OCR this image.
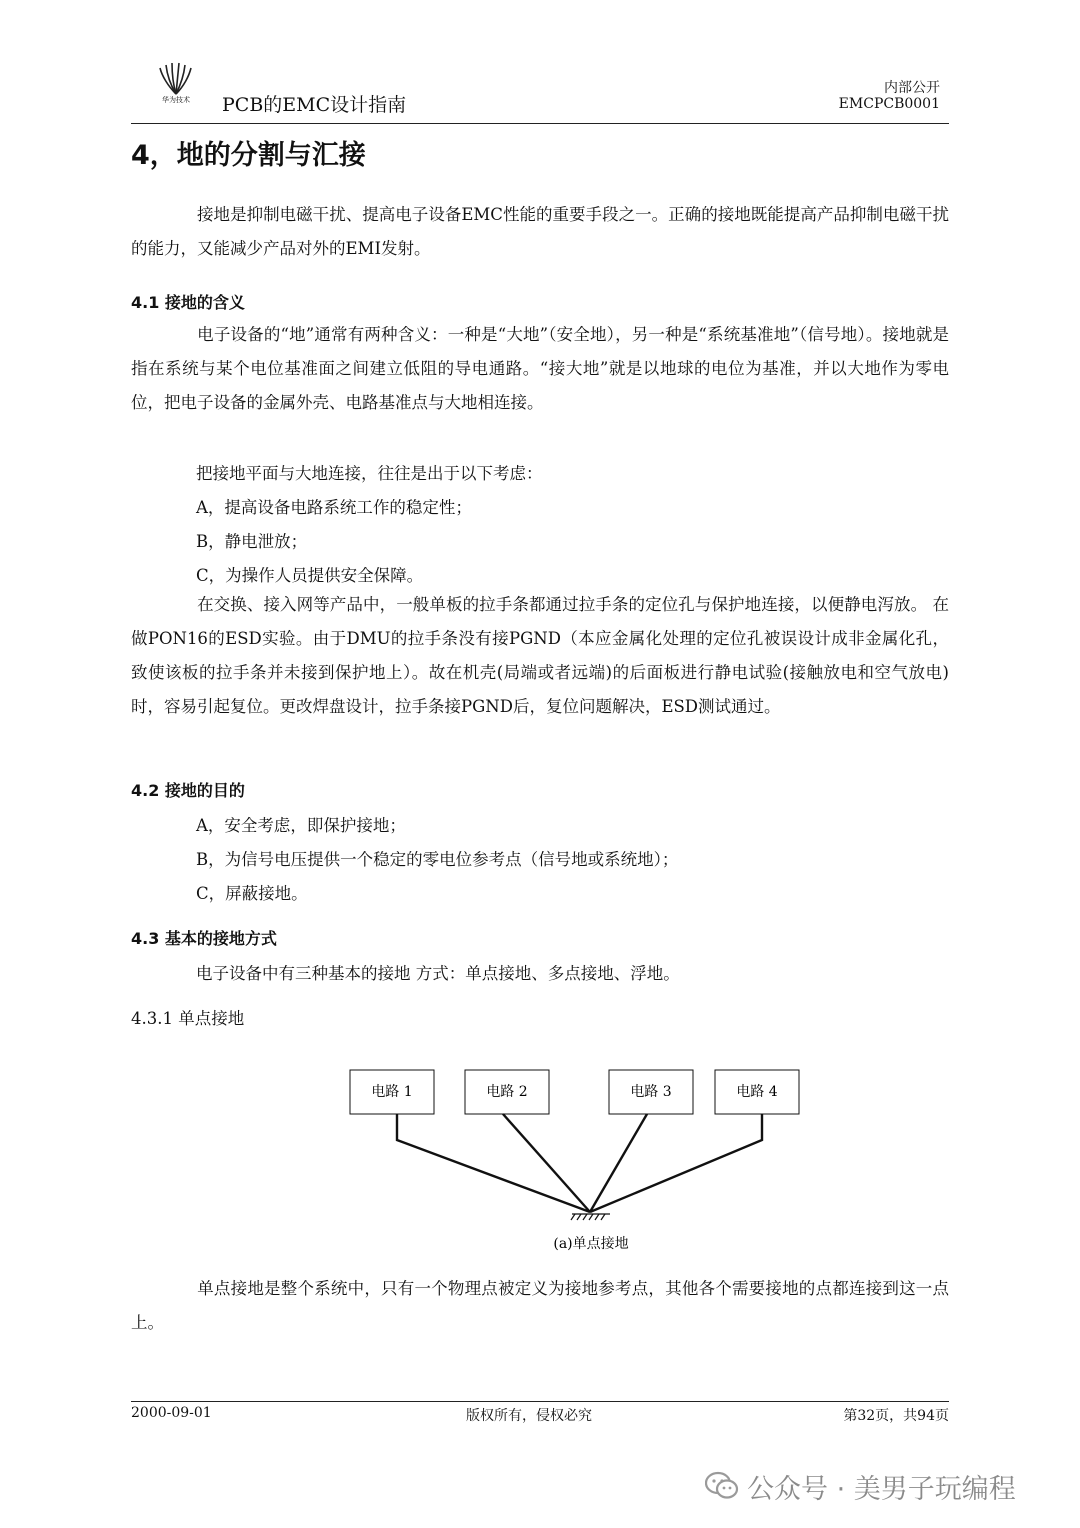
华为技术	PCB的EMC设计指南
内部公开
EMCPCB0001
4，地的分割与汇接
接地是抑制电磁干扰、提高电子设备EMC性能的重要手段之一。正确的接地既能提高产品抑制电磁干扰的能力，又能减少产品对外的EMI发射。
4.1 接地的含义
电子设备的“地”通常有两种含义：一种是“大地”（安全地），另一种是“系统基准地”（信号地）。接地就是指在系统与某个电位基准面之间建立低阻的导电通路。“接大地”就是以地球的电位为基准，并以大地作为零电位，把电子设备的金属外壳、电路基准点与大地相连接。
把接地平面与大地连接，往往是出于以下考虑：
A，提高设备电路系统工作的稳定性；
B，静电泄放；
C，为操作人员提供安全保障。
在交换、接入网等产品中，一般单板的拉手条都通过拉手条的定位孔与保护地连接，以便静电泻放。 在做PON16的ESD实验。由于DMU的拉手条没有接PGND（本应金属化处理的定位孔被误设计成非金属化孔，致使该板的拉手条并未接到保护地上）。故在机壳(局端或者远端)的后面板进行静电试验(接触放电和空气放电)时，容易引起复位。更改焊盘设计，拉手条接PGND后，复位问题解决，ESD测试通过。
4.2 接地的目的
A，安全考虑，即保护接地；
B，为信号电压提供一个稳定的零电位参考点（信号地或系统地）；
C，屏蔽接地。
4.3 基本的接地方式
电子设备中有三种基本的接地 方式：单点接地、多点接地、浮地。
4.3.1 单点接地
电路 1	电路 2	电路 3	电路 4
(a)单点接地
单点接地是整个系统中，只有一个物理点被定义为接地参考点，其他各个需要接地的点都连接到这一点上。
2000-09-01	版权所有，侵权必究	第32页，共94页
公众号 · 美男子玩编程
